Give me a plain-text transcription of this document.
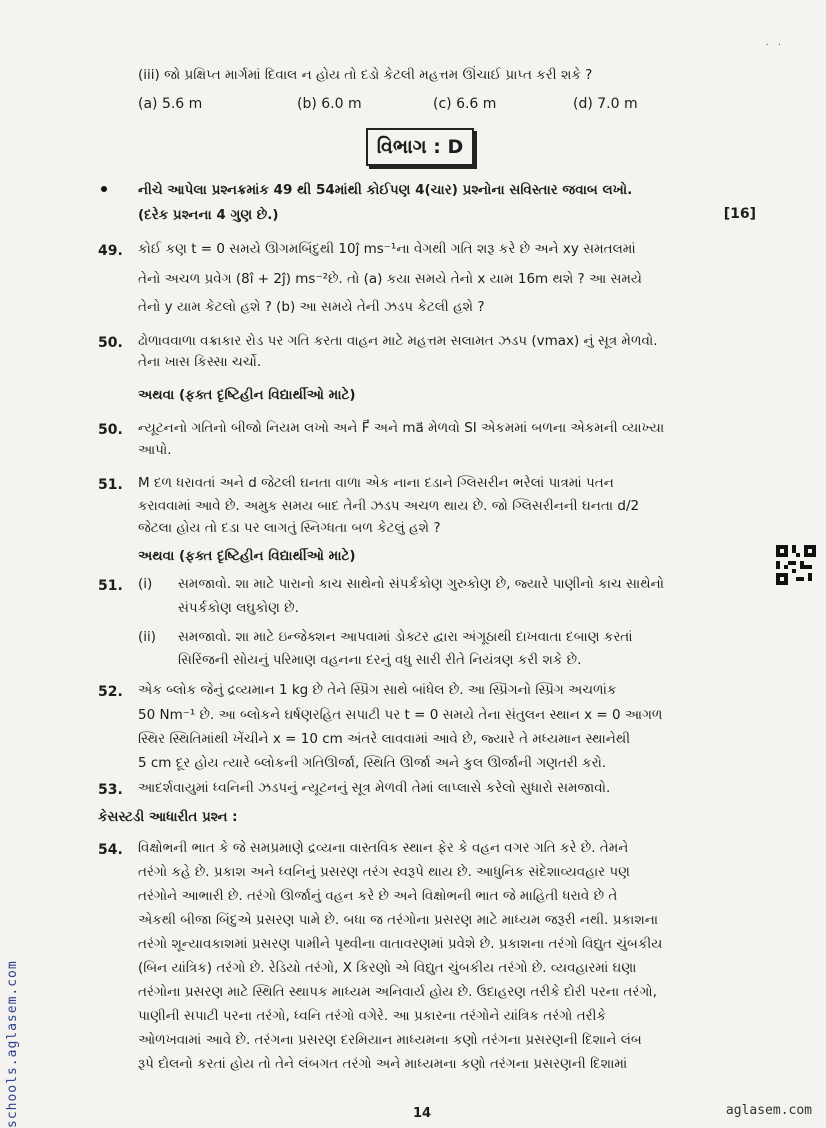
· ·
(iii) જો પ્રક્ષિપ્ત માર્ગમાં દિવાલ ન હોય તો દડો કેટલી મહત્તમ ઊંચાઈ પ્રાપ્ત કરી શકે ?
(a) 5.6 m	(b) 6.0 m	(c) 6.6 m	(d) 7.0 m
વિભાગ : D
નીચે આપેલા પ્રશ્નક્રમાંક 49 થી 54માંથી કોઈપણ 4(ચાર) પ્રશ્નોના સવિસ્તાર જવાબ લખો.
(દરેક પ્રશ્નના 4 ગુણ છે.)	[16]
49. કોઈ કણ t = 0 સમયે ઊગમબિંદુથી 10ĵ ms⁻¹ના વેગથી ગતિ શરૂ કરે છે અને xy સમતલમાં
તેનો અચળ પ્રવેગ (8î + 2ĵ) ms⁻²છે. તો (a) કયા સમયે તેનો x યામ 16m થશે ? આ સમયે
તેનો y યામ કેટલો હશે ? (b) આ સમયે તેની ઝડપ કેટલી હશે ?
50. ઢોળાવવાળા વક્રાકાર રોડ પર ગતિ કરતા વાહન માટે મહત્તમ સલામત ઝડપ (vmax) નું સૂત્ર મેળવો.
તેના ખાસ કિસ્સા ચર્ચો.
અથવા (ફક્ત દૃષ્ટિહીન વિદ્યાર્થીઓ માટે)
50. ન્યૂટનનો ગતિનો બીજો નિયમ લખો અને F⃗ અને ma⃗ મેળવો SI એકમમાં બળના એકમની વ્યાખ્યા
આપો.
51. M દળ ધરાવતાં અને d જેટલી ઘનતા વાળા એક નાના દડાને ગ્લિસરીન ભરેલાં પાત્રમાં પતન
કરાવવામાં આવે છે. અમુક સમય બાદ તેની ઝડપ અચળ થાય છે. જો ગ્લિસરીનની ઘનતા d/2
જેટલા હોય તો દડા પર લાગતું સ્નિગ્ધતા બળ કેટલું હશે ?
અથવા (ફક્ત દૃષ્ટિહીન વિદ્યાર્થીઓ માટે)
51. (i) સમજાવો. શા માટે પારાનો કાચ સાથેનો સંપર્કકોણ ગુરુકોણ છે, જ્યારે પાણીનો કાચ સાથેનો
સંપર્કકોણ લઘુકોણ છે.
(ii) સમજાવો. શા માટે ઇન્જેક્શન આપવામાં ડોક્ટર દ્વારા અંગૂઠાથી દાખવાતા દબાણ કરતાં
સિરિંજની સોયનું પરિમાણ વહનના દરનું વધુ સારી રીતે નિયંત્રણ કરી શકે છે.
52. એક બ્લોક જેનું દ્રવ્યમાન 1 kg છે તેને સ્પ્રિંગ સાથે બાંધેલ છે. આ સ્પ્રિંગનો સ્પ્રિંગ અચળાંક
50 Nm⁻¹ છે. આ બ્લોકને ઘર્ષણરહિત સપાટી પર t = 0 સમયે તેના સંતુલન સ્થાન x = 0 આગળ
સ્થિર સ્થિતિમાંથી ખેંચીને x = 10 cm અંતરે લાવવામાં આવે છે, જ્યારે તે મધ્યમાન સ્થાનેથી
5 cm દૂર હોય ત્યારે બ્લોકની ગતિઊર્જા, સ્થિતિ ઊર્જા અને કુલ ઊર્જાની ગણતરી કરો.
53. આદર્શવાયુમાં ધ્વનિની ઝડપનું ન્યૂટનનું સૂત્ર મેળવી તેમાં લાપ્લાસે કરેલો સુધારો સમજાવો.
કેસસ્ટડી આધારીત પ્રશ્ન :
54. વિક્ષોભની ભાત કે જે સમપ્રમાણે દ્રવ્યના વાસ્તવિક સ્થાન ફેર કે વહન વગર ગતિ કરે છે. તેમને
તરંગો કહે છે. પ્રકાશ અને ધ્વનિનું પ્રસરણ તરંગ સ્વરૂપે થાય છે. આધુનિક સંદેશાવ્યવહાર પણ
તરંગોને આભારી છે. તરંગો ઊર્જાનું વહન કરે છે અને વિક્ષોભની ભાત જે માહિતી ધરાવે છે તે
એકથી બીજા બિંદુએ પ્રસરણ પામે છે. બધા જ તરંગોના પ્રસરણ માટે માધ્યમ જરૂરી નથી. પ્રકાશના
તરંગો શૂન્યાવકાશમાં પ્રસરણ પામીને પૃથ્વીના વાતાવરણમાં પ્રવેશે છે. પ્રકાશના તરંગો વિદ્યુત ચુંબકીય
(બિન યાંત્રિક) તરંગો છે. રેડિયો તરંગો, X કિરણો એ વિદ્યુત ચુંબકીય તરંગો છે. વ્યવહારમાં ઘણા
તરંગોના પ્રસરણ માટે સ્થિતિ સ્થાપક માધ્યમ અનિવાર્ય હોય છે. ઉદાહરણ તરીકે દોરી પરના તરંગો,
પાણીની સપાટી પરના તરંગો, ધ્વનિ તરંગો વગેરે. આ પ્રકારના તરંગોને યાંત્રિક તરંગો તરીકે
ઓળખવામાં આવે છે. તરંગના પ્રસરણ દરમિયાન માધ્યમના કણો તરંગના પ્રસરણની દિશાને લંબ
રૂપે દોલનો કરતાં હોય તો તેને લંબગત તરંગો અને માધ્યમના કણો તરંગના પ્રસરણની દિશામાં
14
schools.aglasem.com	aglasem.com
